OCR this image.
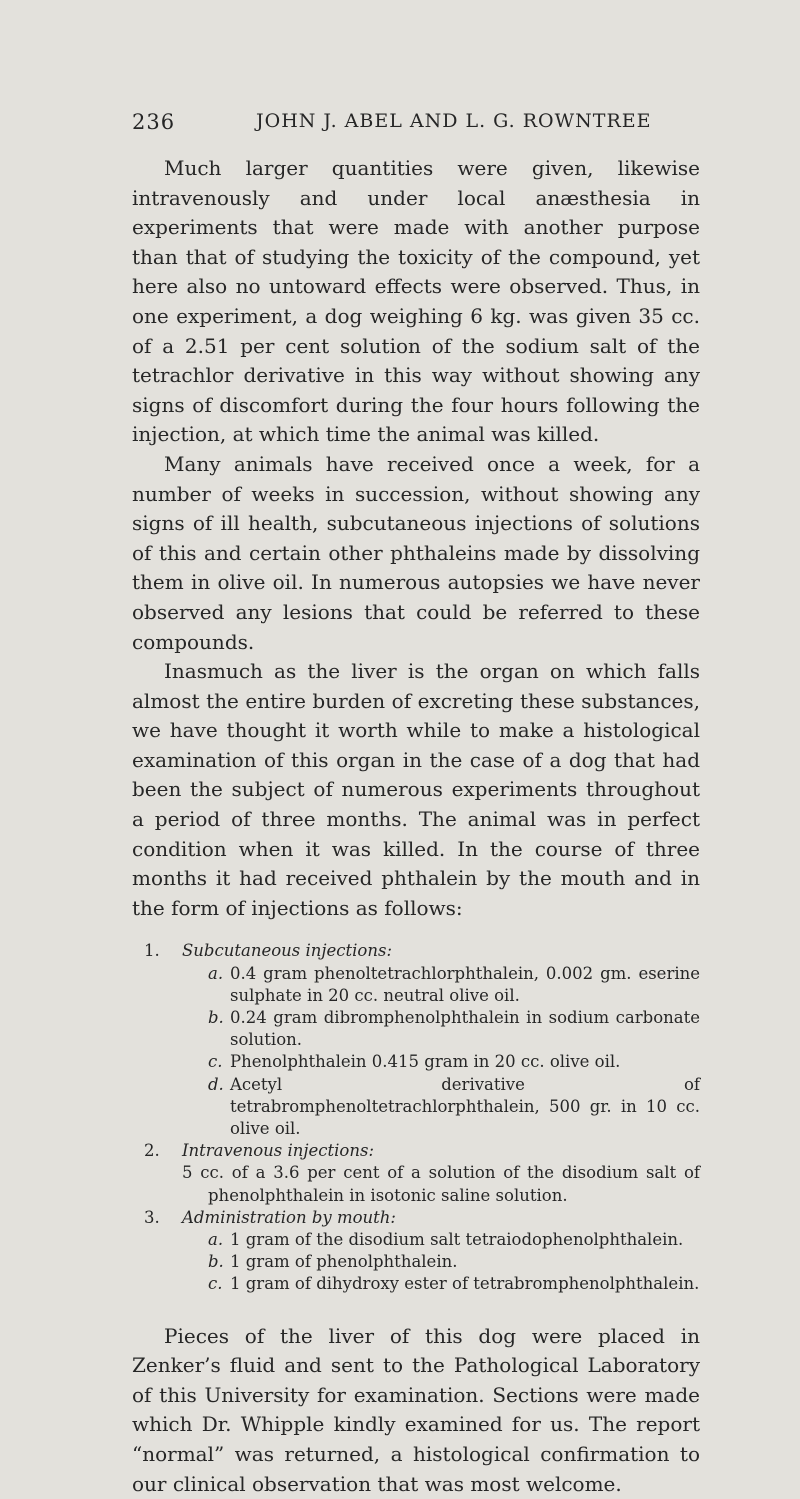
236	JOHN J. ABEL AND L. G. ROWNTREE

Much larger quantities were given, likewise intravenously and under local anæsthesia in experiments that were made with another purpose than that of studying the toxicity of the compound, yet here also no untoward effects were observed. Thus, in one experiment, a dog weighing 6 kg. was given 35 cc. of a 2.51 per cent solution of the sodium salt of the tetrachlor derivative in this way without showing any signs of discomfort during the four hours following the injection, at which time the animal was killed.

Many animals have received once a week, for a number of weeks in succession, without showing any signs of ill health, subcutaneous injections of solutions of this and certain other phthaleins made by dissolving them in olive oil. In numerous autopsies we have never observed any lesions that could be referred to these compounds.

Inasmuch as the liver is the organ on which falls almost the entire burden of excreting these substances, we have thought it worth while to make a histological examination of this organ in the case of a dog that had been the subject of numerous experiments throughout a period of three months. The animal was in perfect condition when it was killed. In the course of three months it had received phthalein by the mouth and in the form of injections as follows:

1. Subcutaneous injections:
a. 0.4 gram phenoltetrachlorphthalein, 0.002 gm. eserine sulphate in 20 cc. neutral olive oil.
b. 0.24 gram dibromphenolphthalein in sodium carbonate solution.
c. Phenolphthalein 0.415 gram in 20 cc. olive oil.
d. Acetyl derivative of tetrabromphenoltetrachlorphthalein, 500 gr. in 10 cc. olive oil.
2. Intravenous injections:
5 cc. of a 3.6 per cent of a solution of the disodium salt of phenolphthalein in isotonic saline solution.
3. Administration by mouth:
a. 1 gram of the disodium salt tetraiodophenolphthalein.
b. 1 gram of phenolphthalein.
c. 1 gram of dihydroxy ester of tetrabromphenolphthalein.

Pieces of the liver of this dog were placed in Zenker’s fluid and sent to the Pathological Laboratory of this University for examination. Sections were made which Dr. Whipple kindly examined for us. The report “normal” was returned, a histological confirmation to our clinical observation that was most welcome.
